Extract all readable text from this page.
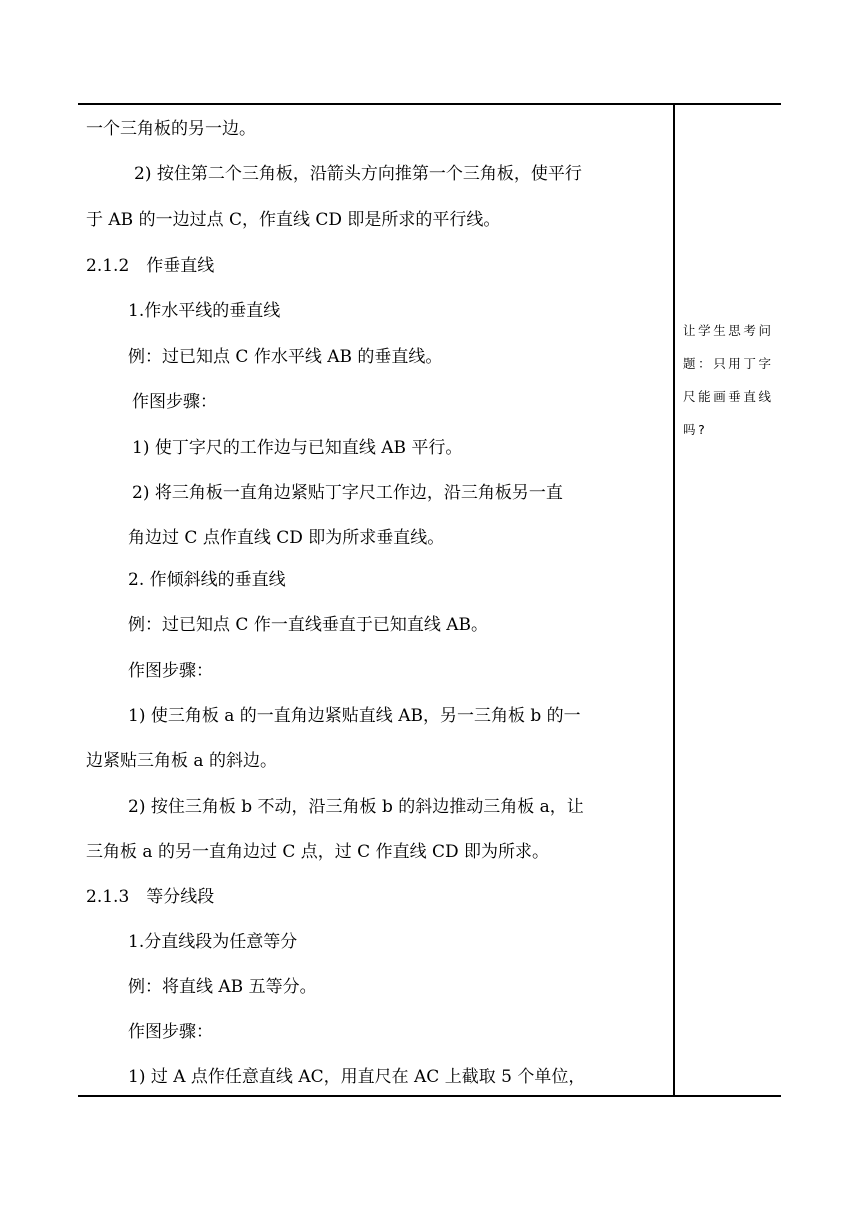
一个三角板的另一边。
2) 按住第二个三角板，沿箭头方向推第一个三角板，使平行
于 AB 的一边过点 C，作直线 CD 即是所求的平行线。
2.1.2　作垂直线
1.作水平线的垂直线
例：过已知点 C 作水平线 AB 的垂直线。
作图步骤：
1) 使丁字尺的工作边与已知直线 AB 平行。
2) 将三角板一直角边紧贴丁字尺工作边，沿三角板另一直
角边过 C 点作直线 CD 即为所求垂直线。
2. 作倾斜线的垂直线
例：过已知点 C 作一直线垂直于已知直线 AB。
作图步骤：
1) 使三角板 a 的一直角边紧贴直线 AB，另一三角板 b 的一
边紧贴三角板 a 的斜边。
2) 按住三角板 b 不动，沿三角板 b 的斜边推动三角板 a，让
三角板 a 的另一直角边过 C 点，过 C 作直线 CD 即为所求。
2.1.3　等分线段
1.分直线段为任意等分
例：将直线 AB 五等分。
作图步骤：
1) 过 A 点作任意直线 AC，用直尺在 AC 上截取 5 个单位，
让学生思考问
题：只用丁字
尺能画垂直线
吗?
